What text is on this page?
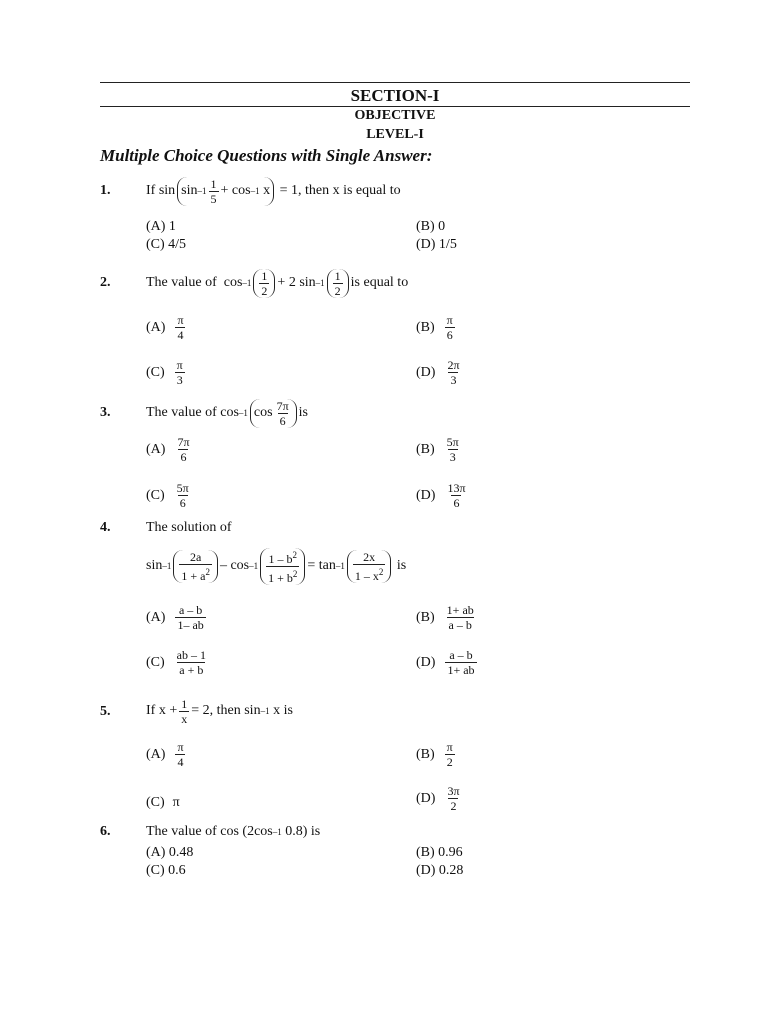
SECTION-I
OBJECTIVE
LEVEL-I
Multiple Choice Questions with Single Answer:
1.	If $\sin \sin -1 \frac{1}{5} + \cos -1$
x
= 1, then x is equal to
(A) 1	(B) 0
(C) 4/5	(D) 1/5
2.	The value of
$\cos -1 \frac{1}{2} + 2$ $\sin -1 \frac{1}{2}$ is equal to
$(A) \frac{\pi}{4}$	$(B) \frac{\pi}{6}$
$(C) \frac{\pi}{3}$	$(D) \frac{2\pi}{3}$
3.	The value of cos –1 $\cos \frac{7\pi}{6}$ is
$(A) \frac{7\pi}{6}$	$(B) \frac{5\pi}{3}$
$(C) \frac{5\pi}{6}$	$(D) \frac{13\pi}{6}$
4.	The solution of
$\sin -1 \frac{2a}{1 + a^2} - \cos -1 \frac{1 - b^2}{1 + b^2} = \tan -1 \frac{2x}{1 - x^2}$
is
$(A) \frac{a - b}{1- ab}$	$(B) \frac{1+ ab}{a - b}$
$(C) \frac{ab - 1}{a + b}$	$(D) \frac{a - b}{1+ ab}$
5.	If $x + \frac{1}{x} = 2$, then sin –1
x is
$(A) \frac{\pi}{4}$	$(B) \frac{\pi}{2}$
(C) π	$(D) \frac{3\pi}{2}$
6.	The value of cos (2cos –1
0.8) is
(A) 0.48	(B) 0.96
(C) 0.6	(D) 0.28
